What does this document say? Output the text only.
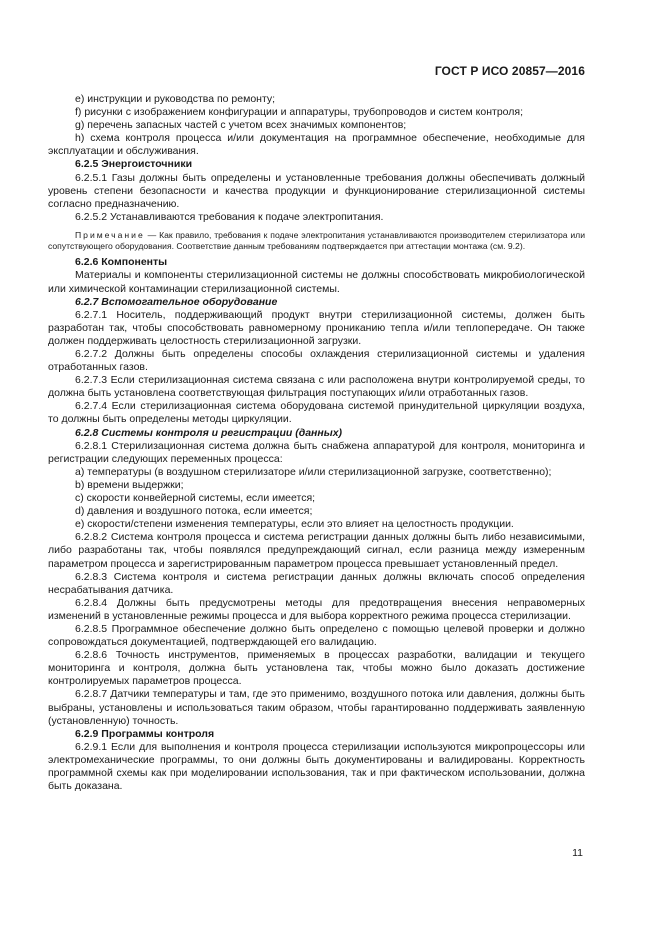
ГОСТ Р ИСО 20857—2016

е) инструкции и руководства по ремонту;

f) рисунки с изображением конфигурации и аппаратуры, трубопроводов и систем контроля;

g) перечень запасных частей с учетом всех значимых компонентов;

h) схема контроля процесса и/или документация на программное обеспечение, необходимые для эксплуатации и обслуживания.

6.2.5 Энергоисточники

6.2.5.1 Газы должны быть определены и установленные требования должны обеспечивать должный уровень степени безопасности и качества продукции и функционирование стерилизационной системы согласно предназначению.

6.2.5.2 Устанавливаются требования к подаче электропитания.

Примечание — Как правило, требования к подаче электропитания устанавливаются производителем стерилизатора или сопутствующего оборудования. Соответствие данным требованиям подтверждается при аттестации монтажа (см. 9.2).

6.2.6 Компоненты

Материалы и компоненты стерилизационной системы не должны способствовать микробиологической или химической контаминации стерилизационной системы.

6.2.7 Вспомогательное оборудование

6.2.7.1 Носитель, поддерживающий продукт внутри стерилизационной системы, должен быть разработан так, чтобы способствовать равномерному прониканию тепла и/или теплопередаче. Он также должен поддерживать целостность стерилизационной загрузки.

6.2.7.2 Должны быть определены способы охлаждения стерилизационной системы и удаления отработанных газов.

6.2.7.3 Если стерилизационная система связана с или расположена внутри контролируемой среды, то должна быть установлена соответствующая фильтрация поступающих и/или отработанных газов.

6.2.7.4 Если стерилизационная система оборудована системой принудительной циркуляции воздуха, то должны быть определены методы циркуляции.

6.2.8 Системы контроля и регистрации (данных)

6.2.8.1 Стерилизационная система должна быть снабжена аппаратурой для контроля, мониторинга и регистрации следующих переменных процесса:

а) температуры (в воздушном стерилизаторе и/или стерилизационной загрузке, соответственно);

b) времени выдержки;

c) скорости конвейерной системы, если имеется;

d) давления и воздушного потока, если имеется;

е) скорости/степени изменения температуры, если это влияет на целостность продукции.

6.2.8.2 Система контроля процесса и система регистрации данных должны быть либо независимыми, либо разработаны так, чтобы появлялся предупреждающий сигнал, если разница между измеренным параметром процесса и зарегистрированным параметром процесса превышает установленный предел.

6.2.8.3 Система контроля и система регистрации данных должны включать способ определения несрабатывания датчика.

6.2.8.4 Должны быть предусмотрены методы для предотвращения внесения неправомерных изменений в установленные режимы процесса и для выбора корректного режима процесса стерилизации.

6.2.8.5 Программное обеспечение должно быть определено с помощью целевой проверки и должно сопровождаться документацией, подтверждающей его валидацию.

6.2.8.6 Точность инструментов, применяемых в процессах разработки, валидации и текущего мониторинга и контроля, должна быть установлена так, чтобы можно было доказать достижение контролируемых параметров процесса.

6.2.8.7 Датчики температуры и там, где это применимо, воздушного потока или давления, должны быть выбраны, установлены и использоваться таким образом, чтобы гарантированно поддерживать заявленную (установленную) точность.

6.2.9 Программы контроля

6.2.9.1 Если для выполнения и контроля процесса стерилизации используются микропроцессоры или электромеханические программы, то они должны быть документированы и валидированы. Корректность программной схемы как при моделировании использования, так и при фактическом использовании, должна быть доказана.

11
